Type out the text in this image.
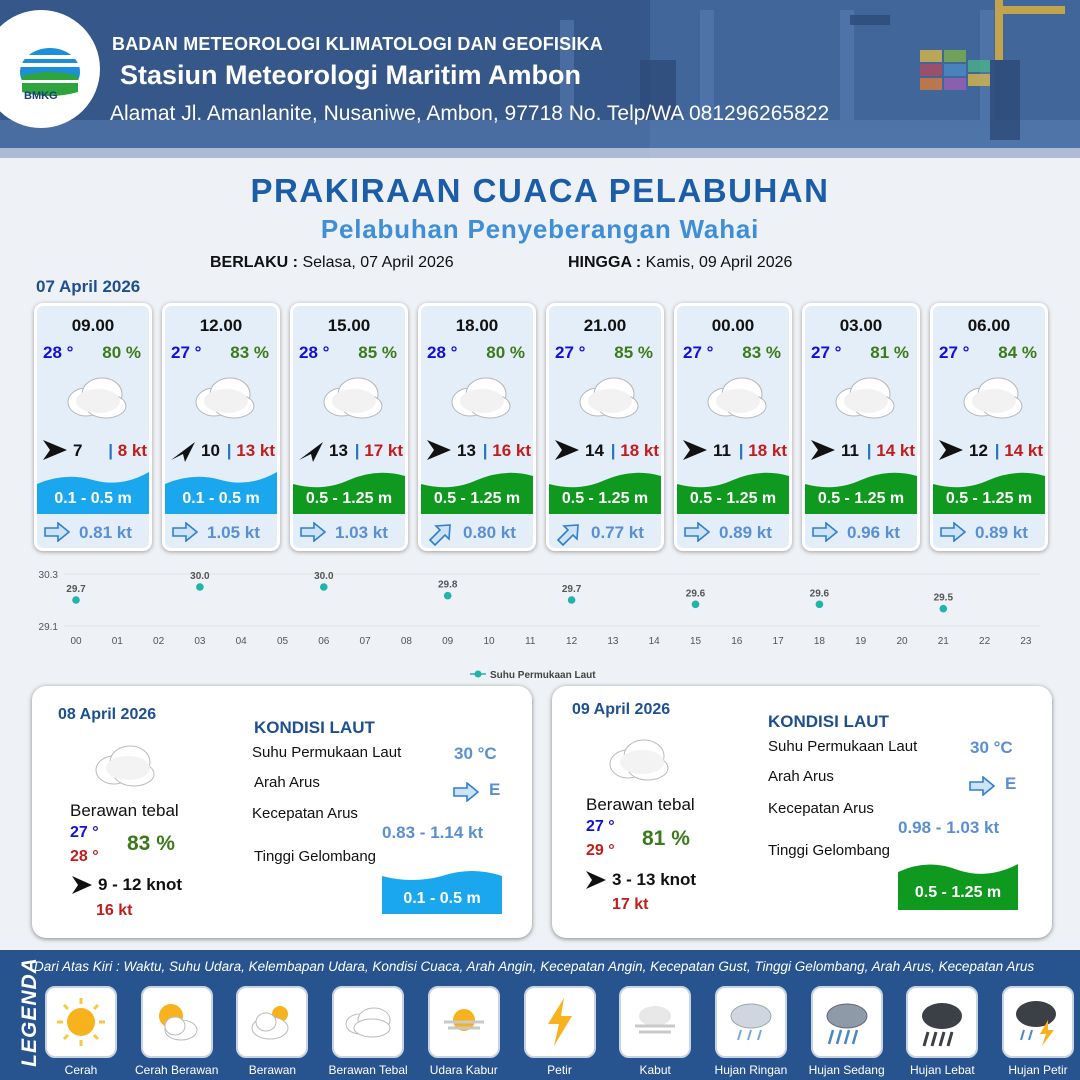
BMKG
BADAN METEOROLOGI KLIMATOLOGI DAN GEOFISIKA
Stasiun Meteorologi Maritim Ambon
Alamat Jl. Amanlanite, Nusaniwe, Ambon, 97718 No. Telp/WA 081296265822
PRAKIRAAN CUACA PELABUHAN
Pelabuhan Penyeberangan Wahai
BERLAKU : Selasa, 07 April 2026	HINGGA : Kamis, 09 April 2026
07 April 2026
09.00
28 ° 80 %
7 | 8 kt
0.1 - 0.5 m
0.81 kt
12.00
27 ° 83 %
10 | 13 kt
0.1 - 0.5 m
1.05 kt
15.00
28 ° 85 %
13 | 17 kt
0.5 - 1.25 m
1.03 kt
18.00
28 ° 80 %
13 | 16 kt
0.5 - 1.25 m
0.80 kt
21.00
27 ° 85 %
14 | 18 kt
0.5 - 1.25 m
0.77 kt
00.00
27 ° 83 %
11 | 18 kt
0.5 - 1.25 m
0.89 kt
03.00
27 ° 81 %
11 | 14 kt
0.5 - 1.25 m
0.96 kt
06.00
27 ° 84 %
12 | 14 kt
0.5 - 1.25 m
0.89 kt
30.3
29.1
00	01	02	03	04	05	06	07	08	09	10	11	12	13	14	15	16	17	18	19	20	21	22	23
29.7
30.0	30.0
29.8	29.7	29.6	29.6	29.5
Suhu Permukaan Laut
08 April 2026
Berawan tebal
27 °
28 °
83 %
9 - 12 knot
16 kt
KONDISI LAUT
Suhu Permukaan Laut	30 °C
Arah Arus	E
Kecepatan Arus
0.83 - 1.14 kt
Tinggi Gelombang
0.1 - 0.5 m
09 April 2026
Berawan tebal
27 °
29 °
81 %
3 - 13 knot
17 kt
KONDISI LAUT
Suhu Permukaan Laut	30 °C
Arah Arus	E
Kecepatan Arus
0.98 - 1.03 kt
Tinggi Gelombang
0.5 - 1.25 m
LEGENDA
Dari Atas Kiri : Waktu, Suhu Udara, Kelembapan Udara, Kondisi Cuaca, Arah Angin, Kecepatan Angin, Kecepatan Gust, Tinggi Gelombang, Arah Arus, Kecepatan Arus
Cerah	Cerah Berawan	Berawan	Berawan Tebal	Udara Kabur	Petir	Kabut	Hujan Ringan	Hujan Sedang	Hujan Lebat	Hujan Petir
